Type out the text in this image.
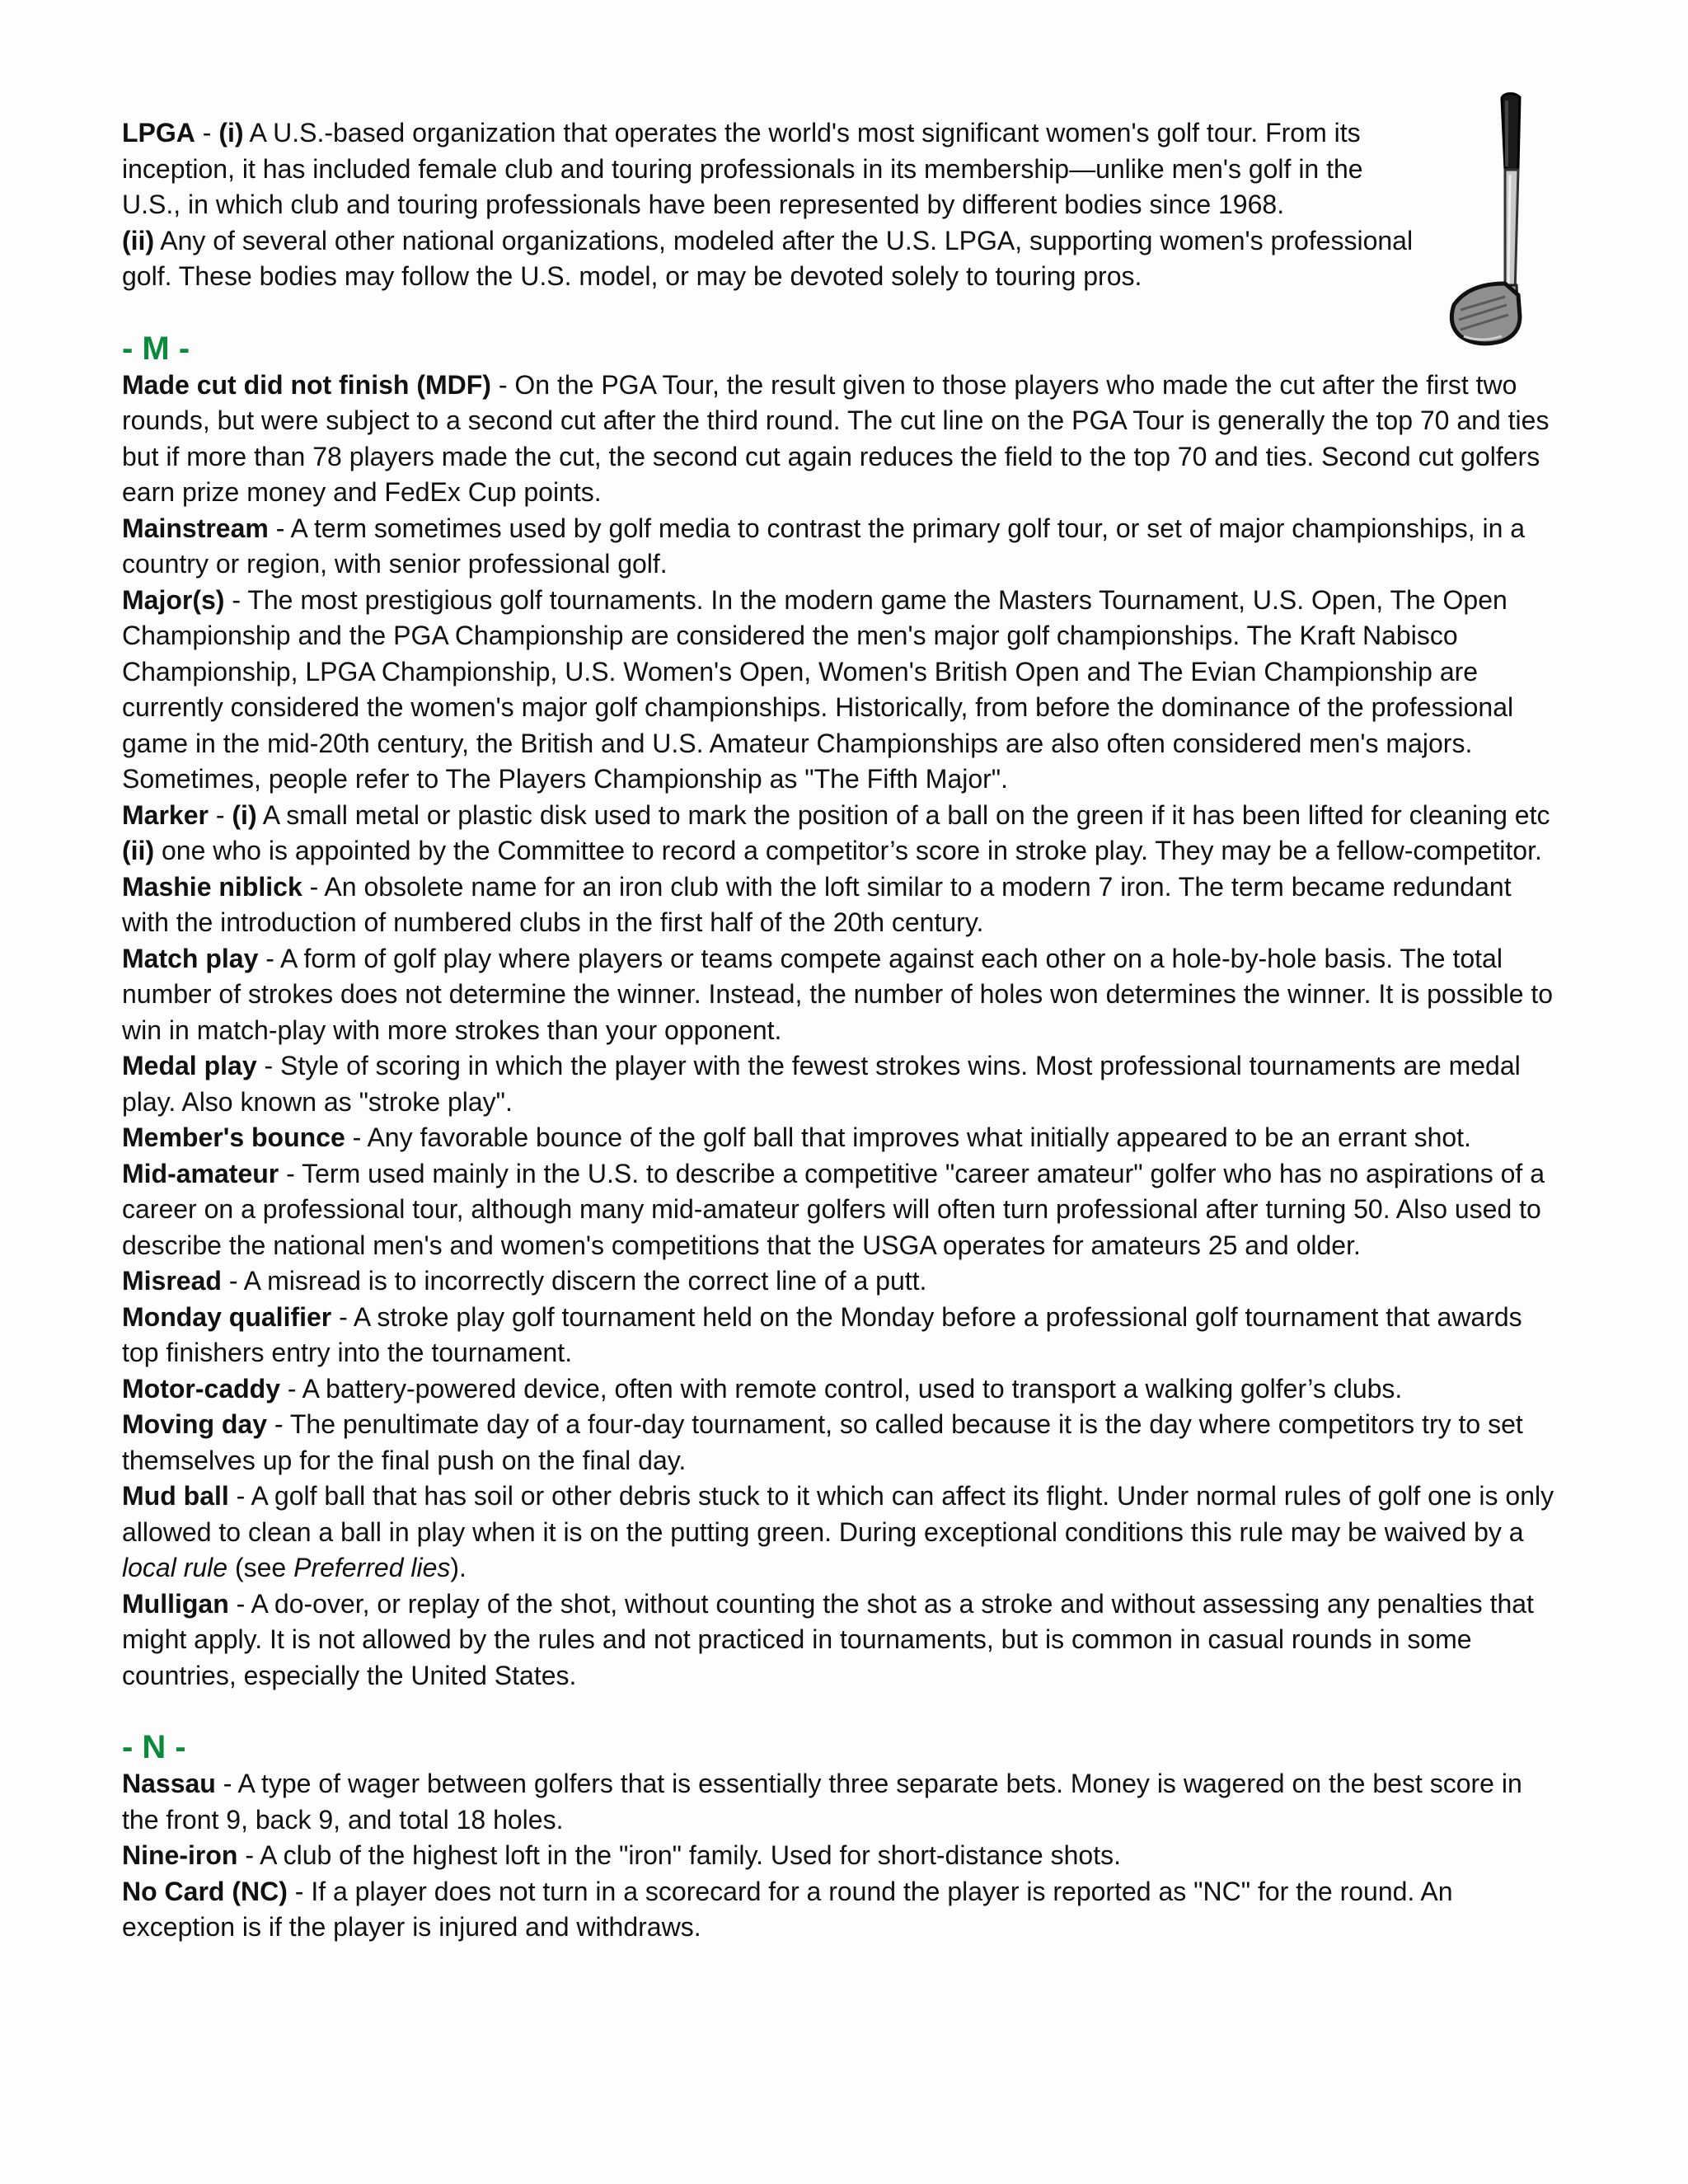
LPGA - (i) A U.S.-based organization that operates the world's most significant women's golf tour. From its inception, it has included female club and touring professionals in its membership—unlike men's golf in the U.S., in which club and touring professionals have been represented by different bodies since 1968.

(ii) Any of several other national organizations, modeled after the U.S. LPGA, supporting women's professional golf. These bodies may follow the U.S. model, or may be devoted solely to touring pros.

- M -

Made cut did not finish (MDF) - On the PGA Tour, the result given to those players who made the cut after the first two rounds, but were subject to a second cut after the third round. The cut line on the PGA Tour is generally the top 70 and ties but if more than 78 players made the cut, the second cut again reduces the field to the top 70 and ties. Second cut golfers earn prize money and FedEx Cup points.

Mainstream - A term sometimes used by golf media to contrast the primary golf tour, or set of major championships, in a country or region, with senior professional golf.

Major(s) - The most prestigious golf tournaments. In the modern game the Masters Tournament, U.S. Open, The Open Championship and the PGA Championship are considered the men's major golf championships. The Kraft Nabisco Championship, LPGA Championship, U.S. Women's Open, Women's British Open and The Evian Championship are currently considered the women's major golf championships. Historically, from before the dominance of the professional game in the mid-20th century, the British and U.S. Amateur Championships are also often considered men's majors. Sometimes, people refer to The Players Championship as "The Fifth Major".

Marker - (i) A small metal or plastic disk used to mark the position of a ball on the green if it has been lifted for cleaning etc

(ii) one who is appointed by the Committee to record a competitor’s score in stroke play. They may be a fellow-competitor.

Mashie niblick - An obsolete name for an iron club with the loft similar to a modern 7 iron. The term became redundant with the introduction of numbered clubs in the first half of the 20th century.

Match play - A form of golf play where players or teams compete against each other on a hole-by-hole basis. The total number of strokes does not determine the winner. Instead, the number of holes won determines the winner. It is possible to win in match-play with more strokes than your opponent.

Medal play - Style of scoring in which the player with the fewest strokes wins. Most professional tournaments are medal play. Also known as "stroke play".

Member's bounce - Any favorable bounce of the golf ball that improves what initially appeared to be an errant shot.

Mid-amateur - Term used mainly in the U.S. to describe a competitive "career amateur" golfer who has no aspirations of a career on a professional tour, although many mid-amateur golfers will often turn professional after turning 50. Also used to describe the national men's and women's competitions that the USGA operates for amateurs 25 and older.

Misread - A misread is to incorrectly discern the correct line of a putt.

Monday qualifier - A stroke play golf tournament held on the Monday before a professional golf tournament that awards top finishers entry into the tournament.

Motor-caddy - A battery-powered device, often with remote control, used to transport a walking golfer’s clubs.

Moving day - The penultimate day of a four-day tournament, so called because it is the day where competitors try to set themselves up for the final push on the final day.

Mud ball - A golf ball that has soil or other debris stuck to it which can affect its flight. Under normal rules of golf one is only allowed to clean a ball in play when it is on the putting green. During exceptional conditions this rule may be waived by a local rule (see Preferred lies).

Mulligan - A do-over, or replay of the shot, without counting the shot as a stroke and without assessing any penalties that might apply. It is not allowed by the rules and not practiced in tournaments, but is common in casual rounds in some countries, especially the United States.

- N -

Nassau - A type of wager between golfers that is essentially three separate bets. Money is wagered on the best score in the front 9, back 9, and total 18 holes.

Nine-iron - A club of the highest loft in the "iron" family. Used for short-distance shots.

No Card (NC) - If a player does not turn in a scorecard for a round the player is reported as "NC" for the round. An exception is if the player is injured and withdraws.
